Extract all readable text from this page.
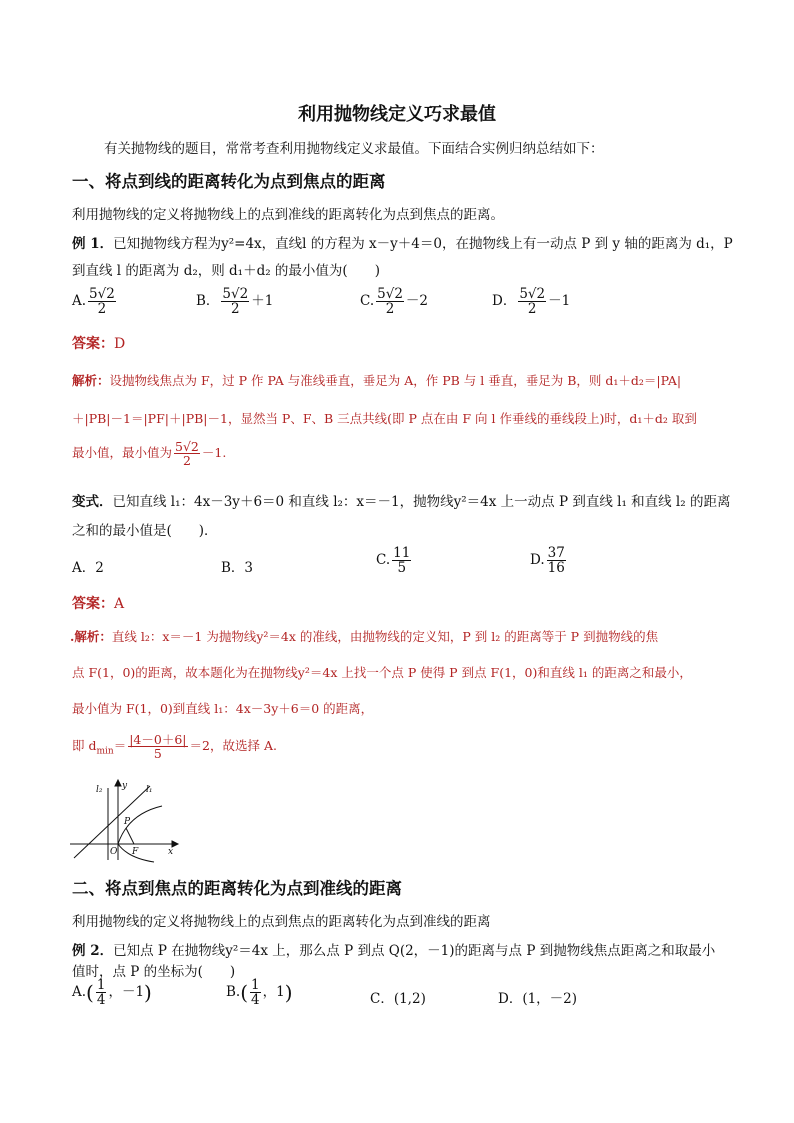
利用抛物线定义巧求最值
有关抛物线的题目，常常考查利用抛物线定义求最值。下面结合实例归纳总结如下：
一、将点到线的距离转化为点到焦点的距离
利用抛物线的定义将抛物线上的点到准线的距离转化为点到焦点的距离。
例 1．已知抛物线方程为y²=4x，直线l 的方程为 x－y＋4＝0，在抛物线上有一动点 P 到 y 轴的距离为 d₁，P
到直线 l 的距离为 d₂，则 d₁＋d₂ 的最小值为(　　)
A. $\frac{5√2}{2}$	B． $\frac{5√2}{2} +1$	C. $\frac{5√2}{2} -2$	D． $\frac{5√2}{2} -1$
答案：D
解析：设抛物线焦点为 F，过 P 作 PA 与准线垂直，垂足为 A，作 PB 与 l 垂直，垂足为 B，则 d₁＋d₂＝|PA|
＋|PB|－1＝|PF|＋|PB|－1，显然当 P、F、B 三点共线(即 P 点在由 F 向 l 作垂线的垂线段上)时，d₁＋d₂ 取到
最小值，最小值为 $\frac{5√2}{2} -1$.
变式．已知直线 l₁：4x－3y＋6＝0 和直线 l₂：x＝－1，抛物线y²＝4x 上一动点 P 到直线 l₁ 和直线 l₂ 的距离
之和的最小值是(　　)．
A．2	B．3	C. $\frac{11}{5}$	D. $\frac{37}{16}$
答案：A
.解析：直线 l₂：x＝－1 为抛物线y²＝4x 的准线，由抛物线的定义知，P 到 l₂ 的距离等于 P 到抛物线的焦
点 F(1，0)的距离，故本题化为在抛物线y²＝4x 上找一个点 P 使得 P 到点 F(1，0)和直线 l₁ 的距离之和最小，
最小值为 F(1，0)到直线 l₁：4x－3y＋6＝0 的距离，
即 $d_{min}= \frac{|4-0+6|}{5} =2$，故选择 A.
l₂ y l₁
P
O F	x
二、将点到焦点的距离转化为点到准线的距离
利用抛物线的定义将抛物线上的点到焦点的距离转化为点到准线的距离
例 2．已知点 P 在抛物线y²＝4x 上，那么点 P 到点 Q(2，－1)的距离与点 P 到抛物线焦点距离之和取最小
值时，点 P 的坐标为(　　)
$A.( \frac{1}{4}$ ，－1)	$B.( \frac{1}{4}$ ，1)	C．(1,2)	D．(1，－2)
